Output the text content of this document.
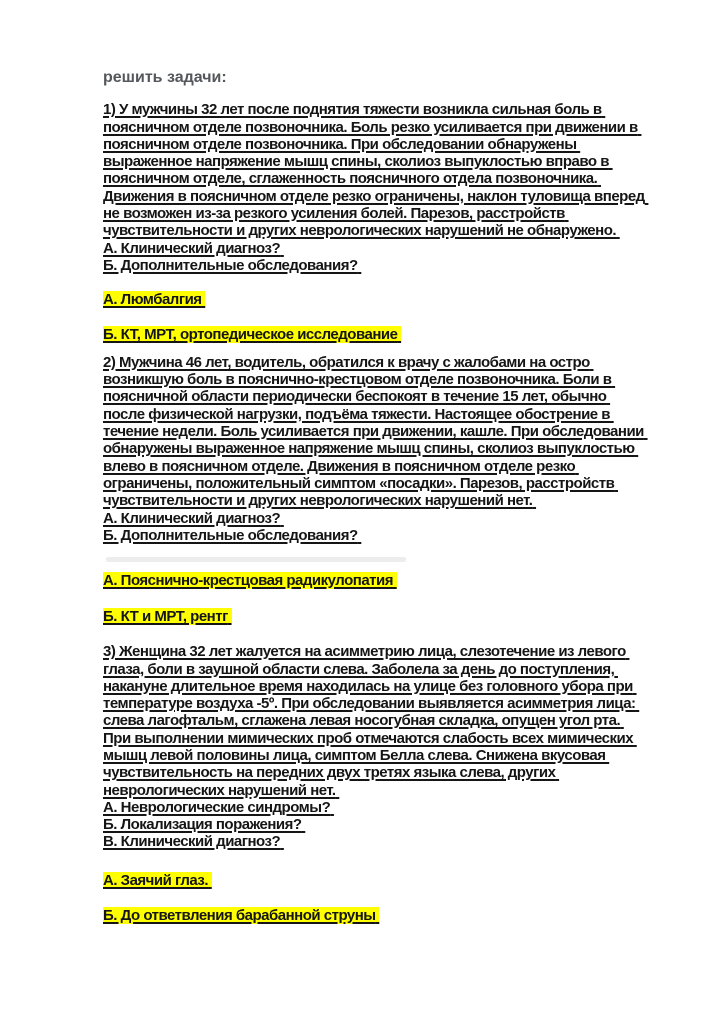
решить задачи:
1) У мужчины 32 лет после поднятия тяжести возникла сильная боль в
поясничном отделе позвоночника. Боль резко усиливается при движении в
поясничном отделе позвоночника. При обследовании обнаружены
выраженное напряжение мышц спины, сколиоз выпуклостью вправо в
поясничном отделе, сглаженность поясничного отдела позвоночника.
Движения в поясничном отделе резко ограничены, наклон туловища вперед
не возможен из-за резкого усиления болей. Парезов, расстройств
чувствительности и других неврологических нарушений не обнаружено.
А. Клинический диагноз?
Б. Дополнительные обследования?
А. Люмбалгия
Б. КТ, МРТ, ортопедическое исследование
2) Мужчина 46 лет, водитель, обратился к врачу с жалобами на остро
возникшую боль в пояснично-крестцовом отделе позвоночника. Боли в
поясничной области периодически беспокоят в течение 15 лет, обычно
после физической нагрузки, подъёма тяжести. Настоящее обострение в
течение недели. Боль усиливается при движении, кашле. При обследовании
обнаружены выраженное напряжение мышц спины, сколиоз выпуклостью
влево в поясничном отделе. Движения в поясничном отделе резко
ограничены, положительный симптом «посадки». Парезов, расстройств
чувствительности и других неврологических нарушений нет.
А. Клинический диагноз?
Б. Дополнительные обследования?
А. Пояснично-крестцовая радикулопатия
Б. КТ и МРТ, рентг
3) Женщина 32 лет жалуется на асимметрию лица, слезотечение из левого
глаза, боли в заушной области слева. Заболела за день до поступления,
накануне длительное время находилась на улице без головного убора при
температуре воздуха -5º. При обследовании выявляется асимметрия лица:
слева лагофтальм, сглажена левая носогубная складка, опущен угол рта.
При выполнении мимических проб отмечаются слабость всех мимических
мышц левой половины лица, симптом Белла слева. Снижена вкусовая
чувствительность на передних двух третях языка слева, других
неврологических нарушений нет.
А. Неврологические синдромы?
Б. Локализация поражения?
В. Клинический диагноз?
А. Заячий глаз.
Б. До ответвления барабанной струны
